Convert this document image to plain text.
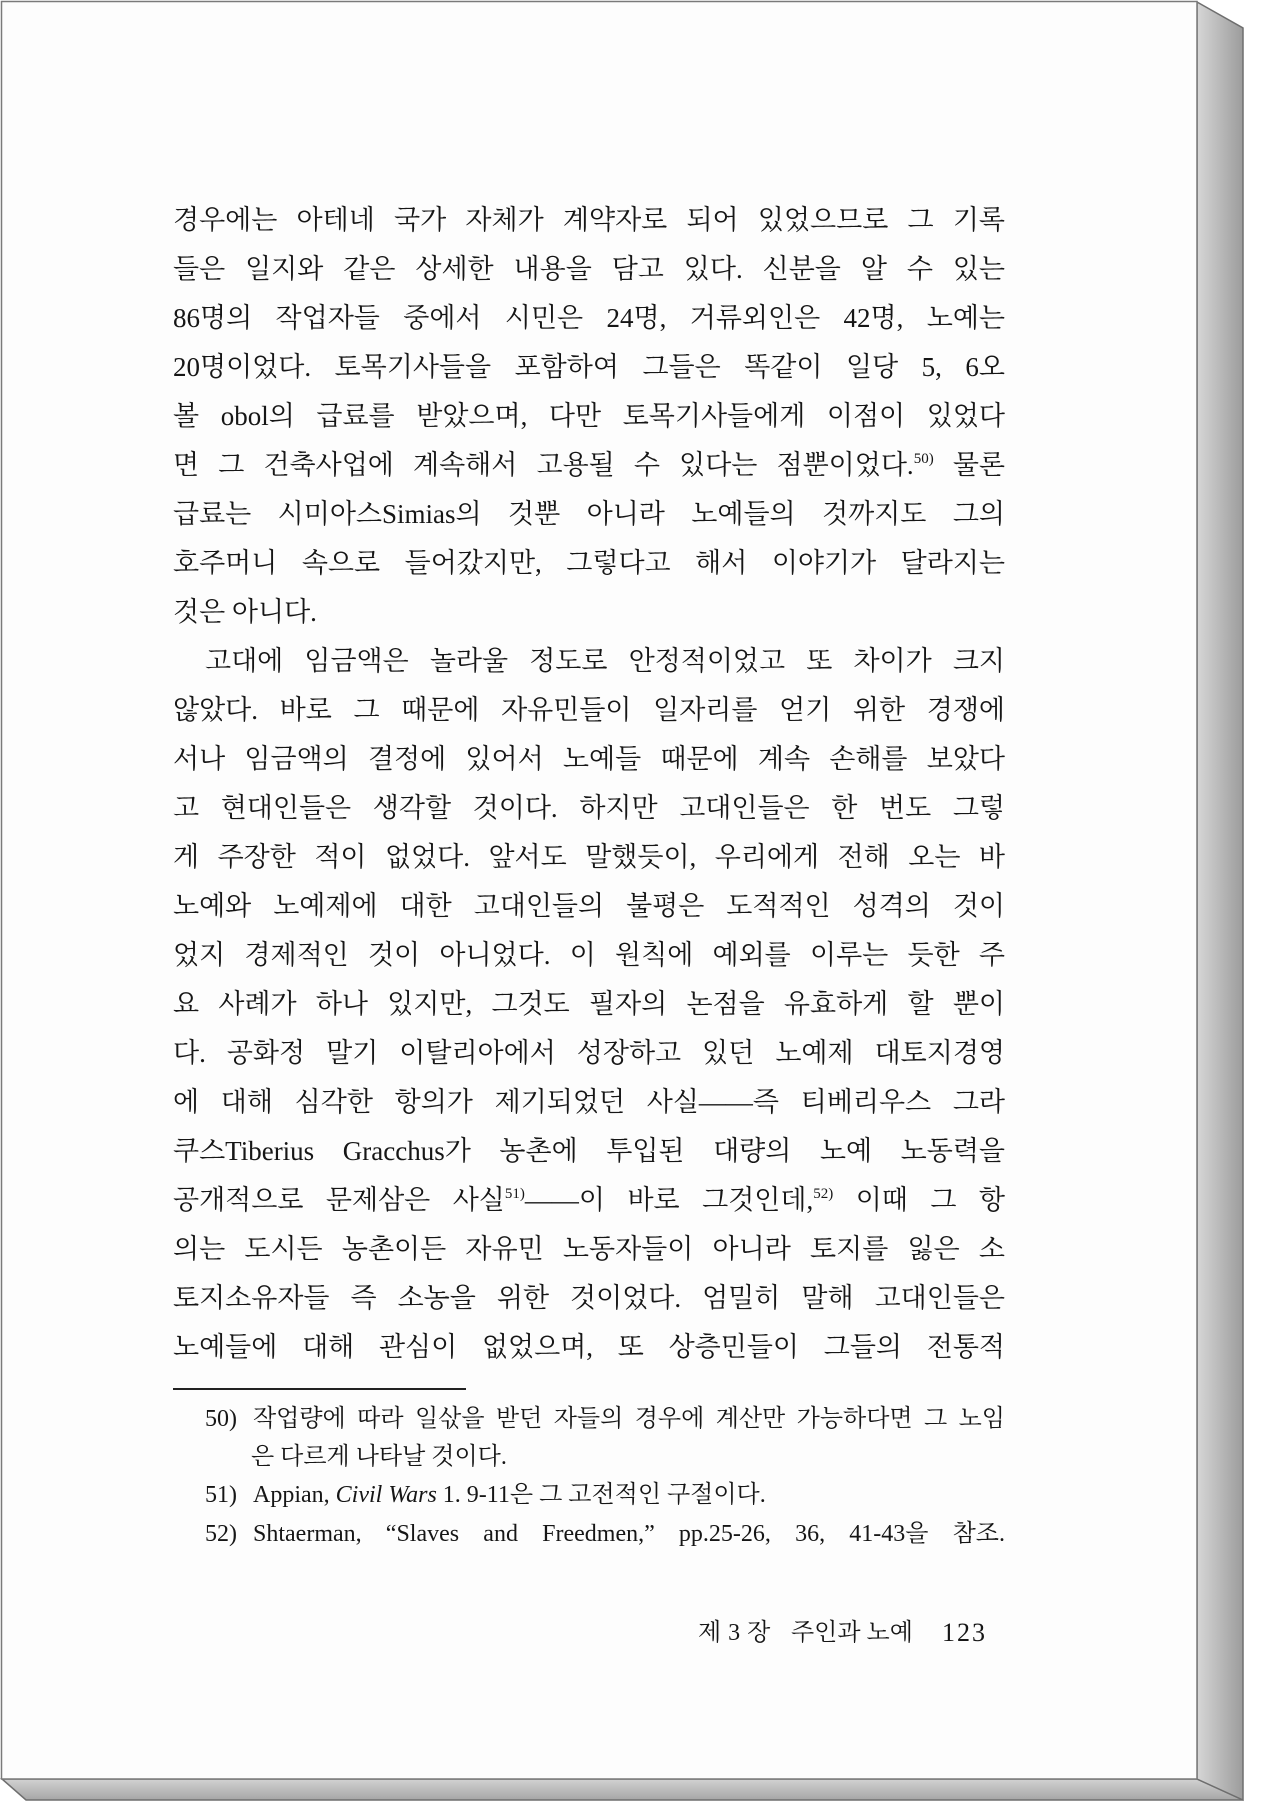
경우에는 아테네 국가 자체가 계약자로 되어 있었으므로 그 기록
들은 일지와 같은 상세한 내용을 담고 있다. 신분을 알 수 있는
86명의 작업자들 중에서 시민은 24명, 거류외인은 42명, 노예는
20명이었다. 토목기사들을 포함하여 그들은 똑같이 일당 5, 6오
볼 obol의 급료를 받았으며, 다만 토목기사들에게 이점이 있었다
면 그 건축사업에 계속해서 고용될 수 있다는 점뿐이었다.$^{50)}$ 물론
급료는 시미아스Simias의 것뿐 아니라 노예들의 것까지도 그의
호주머니 속으로 들어갔지만, 그렇다고 해서 이야기가 달라지는
것은 아니다.
고대에 임금액은 놀라울 정도로 안정적이었고 또 차이가 크지
않았다. 바로 그 때문에 자유민들이 일자리를 얻기 위한 경쟁에
서나 임금액의 결정에 있어서 노예들 때문에 계속 손해를 보았다
고 현대인들은 생각할 것이다. 하지만 고대인들은 한 번도 그렇
게 주장한 적이 없었다. 앞서도 말했듯이, 우리에게 전해 오는 바
노예와 노예제에 대한 고대인들의 불평은 도적적인 성격의 것이
었지 경제적인 것이 아니었다. 이 원칙에 예외를 이루는 듯한 주
요 사례가 하나 있지만, 그것도 필자의 논점을 유효하게 할 뿐이
다. 공화정 말기 이탈리아에서 성장하고 있던 노예제 대토지경영
에 대해 심각한 항의가 제기되었던 사실——즉 티베리우스 그라
쿠스Tiberius Gracchus가 농촌에 투입된 대량의 노예 노동력을
공개적으로 문제삼은 사실$^{51)}$——이 바로 그것인데,$^{52)}$ 이때 그 항
의는 도시든 농촌이든 자유민 노동자들이 아니라 토지를 잃은 소
토지소유자들 즉 소농을 위한 것이었다. 엄밀히 말해 고대인들은
노예들에 대해 관심이 없었으며, 또 상층민들이 그들의 전통적
50) 작업량에 따라 일삯을 받던 자들의 경우에 계산만 가능하다면 그 노임
은 다르게 나타날 것이다.
51) Appian, Civil Wars 1. 9-11은 그 고전적인 구절이다.
52) Shtaerman, “Slaves and Freedmen,” pp.25-26, 36, 41-43을 참조.
제3장 주인과 노예 123
